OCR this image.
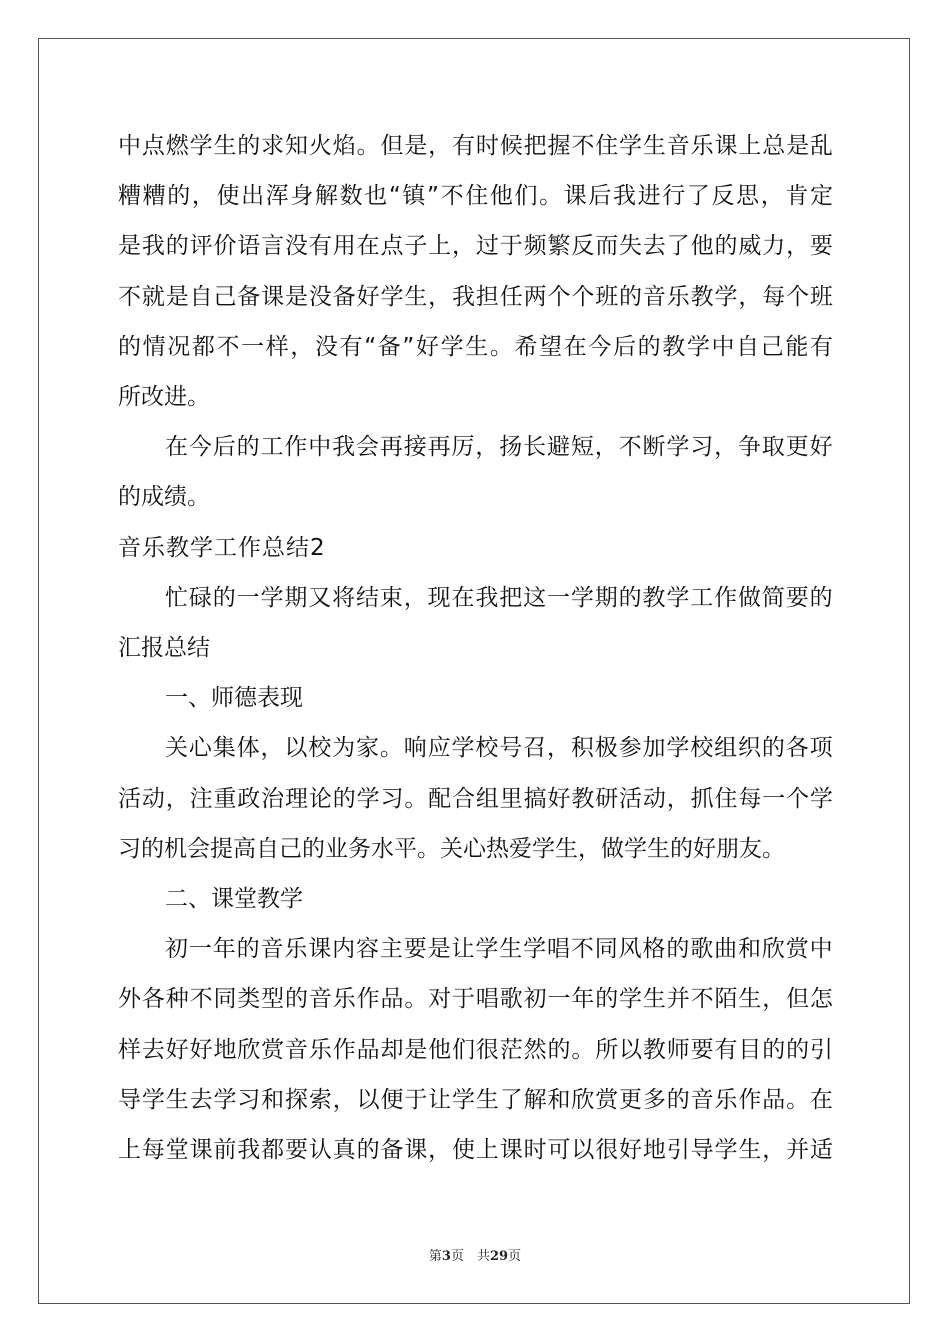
中 点 燃 学 生 的 求 知 火 焰 。 但 是 ， 有 时 候 把 握 不 住 学 生 音 乐 课 上 总 是 乱
糟 糟 的 ， 使 出 浑 身 解 数 也 “ 镇 ” 不 住 他 们 。 课 后 我 进 行 了 反 思 ， 肯 定
是 我 的 评 价 语 言 没 有 用 在 点 子 上 ， 过 于 频 繁 反 而 失 去 了 他 的 威 力 ， 要
不 就 是 自 己 备 课 是 没 备 好 学 生 ， 我 担 任 两 个 个 班 的 音 乐 教 学 ， 每 个 班
的 情 况 都 不 一 样 ， 没 有 “ 备 ” 好 学 生 。 希 望 在 今 后 的 教 学 中 自 己 能 有
所改进。
在 今 后 的 工 作 中 我 会 再 接 再 厉 ， 扬 长 避 短 ， 不 断 学 习 ， 争 取 更 好
的成绩。
音乐教学工作总结2
忙 碌 的 一 学 期 又 将 结 束 ， 现 在 我 把 这 一 学 期 的 教 学 工 作 做 简 要 的
汇报总结
一、师德表现
关 心 集 体 ， 以 校 为 家 。 响 应 学 校 号 召 ， 积 极 参 加 学 校 组 织 的 各 项
活 动 ， 注 重 政 治 理 论 的 学 习 。 配 合 组 里 搞 好 教 研 活 动 ， 抓 住 每 一 个 学
习的机会提高自己的业务水平。关心热爱学生，做学生的好朋友。
二、课堂教学
初 一 年 的 音 乐 课 内 容 主 要 是 让 学 生 学 唱 不 同 风 格 的 歌 曲 和 欣 赏 中
外 各 种 不 同 类 型 的 音 乐 作 品 。 对 于 唱 歌 初 一 年 的 学 生 并 不 陌 生 ， 但 怎
样 去 好 好 地 欣 赏 音 乐 作 品 却 是 他 们 很 茫 然 的 。 所 以 教 师 要 有 目 的 的 引
导 学 生 去 学 习 和 探 索 ， 以 便 于 让 学 生 了 解 和 欣 赏 更 多 的 音 乐 作 品 。 在
上 每 堂 课 前 我 都 要 认 真 的 备 课 ， 使 上 课 时 可 以 很 好 地 引 导 学 生 ， 并 适
第3页　共29页
